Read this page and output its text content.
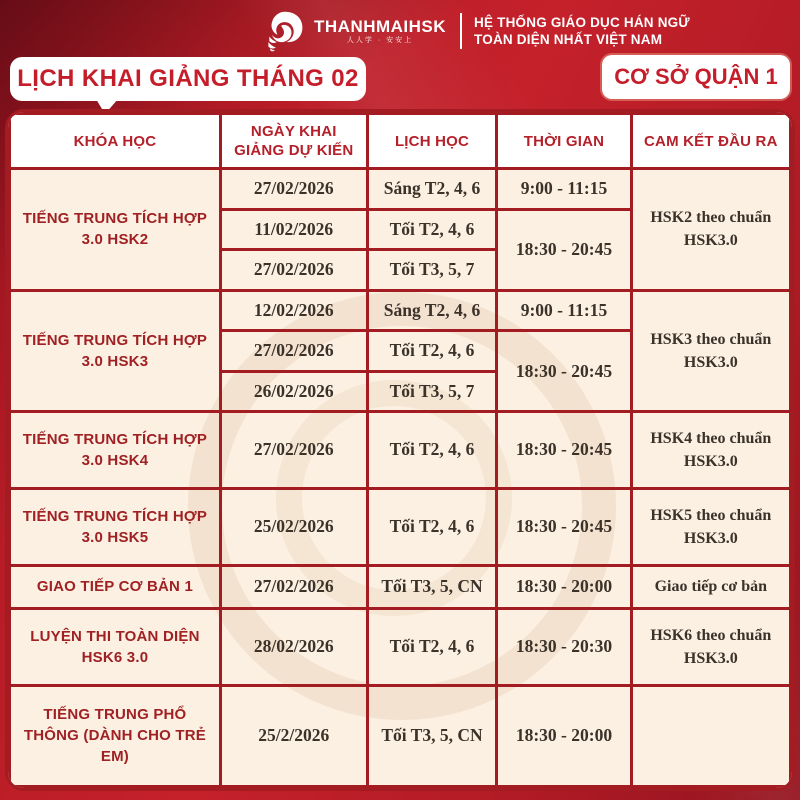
THANHMAIHSK
人人学 · 安安上
HỆ THỐNG GIÁO DỤC HÁN NGỮ
TOÀN DIỆN NHẤT VIỆT NAM
LỊCH KHAI GIẢNG THÁNG 02	CƠ SỞ QUẬN 1
KHÓA HỌC	NGÀY KHAI GIẢNG DỰ KIẾN	LỊCH HỌC	THỜI GIAN	CAM KẾT ĐẦU RA
TIẾNG TRUNG TÍCH HỢP 3.0 HSK2	27/02/2026	Sáng T2, 4, 6	9:00 - 11:15	HSK2 theo chuẩn HSK3.0
	11/02/2026	Tối T2, 4, 6	18:30 - 20:45	
	27/02/2026	Tối T3, 5, 7		
TIẾNG TRUNG TÍCH HỢP 3.0 HSK3	12/02/2026	Sáng T2, 4, 6	9:00 - 11:15	HSK3 theo chuẩn HSK3.0
	27/02/2026	Tối T2, 4, 6	18:30 - 20:45	
	26/02/2026	Tối T3, 5, 7		
TIẾNG TRUNG TÍCH HỢP 3.0 HSK4	27/02/2026	Tối T2, 4, 6	18:30 - 20:45	HSK4 theo chuẩn HSK3.0
TIẾNG TRUNG TÍCH HỢP 3.0 HSK5	25/02/2026	Tối T2, 4, 6	18:30 - 20:45	HSK5 theo chuẩn HSK3.0
GIAO TIẾP CƠ BẢN 1	27/02/2026	Tối T3, 5, CN	18:30 - 20:00	Giao tiếp cơ bản
LUYỆN THI TOÀN DIỆN HSK6 3.0	28/02/2026	Tối T2, 4, 6	18:30 - 20:30	HSK6 theo chuẩn HSK3.0
TIẾNG TRUNG PHỔ THÔNG (DÀNH CHO TRẺ EM)	25/2/2026	Tối T3, 5, CN	18:30 - 20:00	
